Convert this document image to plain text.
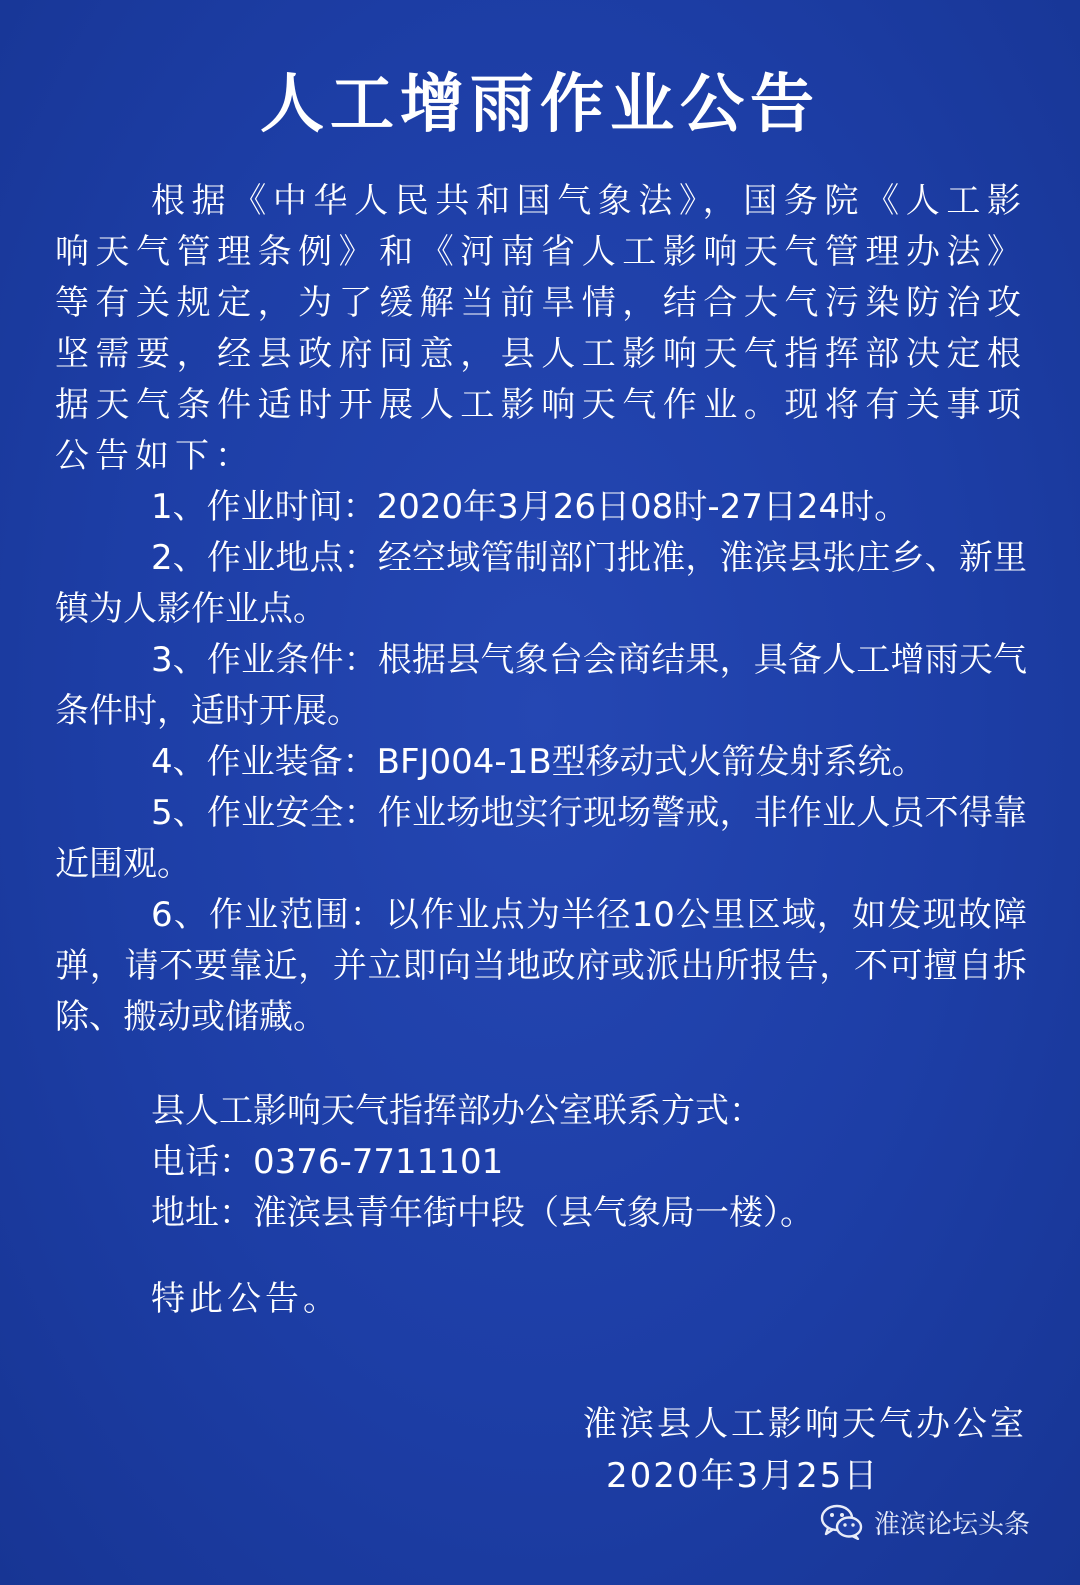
人工增雨作业公告

根据《中华人民共和国气象法》，国务院《人工影响天气管理条例》和《河南省人工影响天气管理办法》等有关规定，为了缓解当前旱情，结合大气污染防治攻坚需要，经县政府同意，县人工影响天气指挥部决定根据天气条件适时开展人工影响天气作业。现将有关事项公告如下：

1、作业时间：2020年3月26日08时-27日24时。

2、作业地点：经空域管制部门批准，淮滨县张庄乡、新里镇为人影作业点。

3、作业条件：根据县气象台会商结果，具备人工增雨天气条件时，适时开展。

4、作业装备：BFJ004-1B型移动式火箭发射系统。

5、作业安全：作业场地实行现场警戒，非作业人员不得靠近围观。

6、作业范围：以作业点为半径10公里区域，如发现故障弹，请不要靠近，并立即向当地政府或派出所报告，不可擅自拆除、搬动或储藏。

县人工影响天气指挥部办公室联系方式：
电话：0376-7711101
地址：淮滨县青年街中段（县气象局一楼）。
特此公告。
淮滨县人工影响天气办公室
2020年3月25日
淮滨论坛头条
